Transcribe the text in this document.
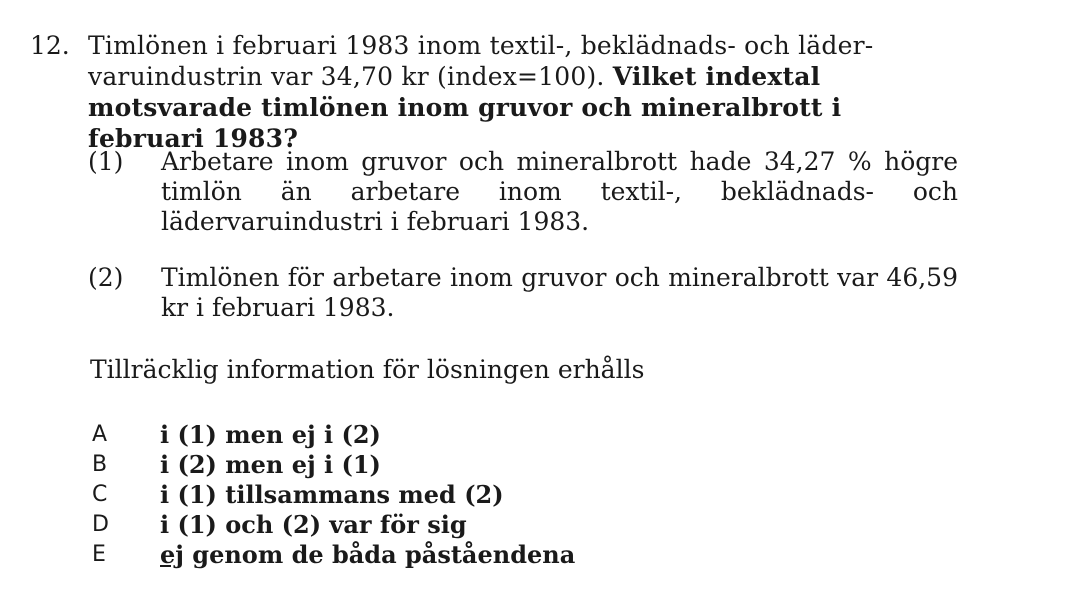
12. Timlönen i februari 1983 inom textil-, beklädnads- och lädervaruindustrin var 34,70 kr (index=100). Vilket indextal motsvarade timlönen inom gruvor och mineralbrott i februari 1983?
(1) Arbetare inom gruvor och mineralbrott hade 34,27 % högre timlön än arbetare inom textil-, beklädnads- och lädervaruindustri i februari 1983.
(2) Timlönen för arbetare inom gruvor och mineralbrott var 46,59 kr i februari 1983.
Tillräcklig information för lösningen erhålls
A	i (1) men ej i (2)
B	i (2) men ej i (1)
C	i (1) tillsammans med (2)
D	i (1) och (2) var för sig
E	ej genom de båda påståendena
